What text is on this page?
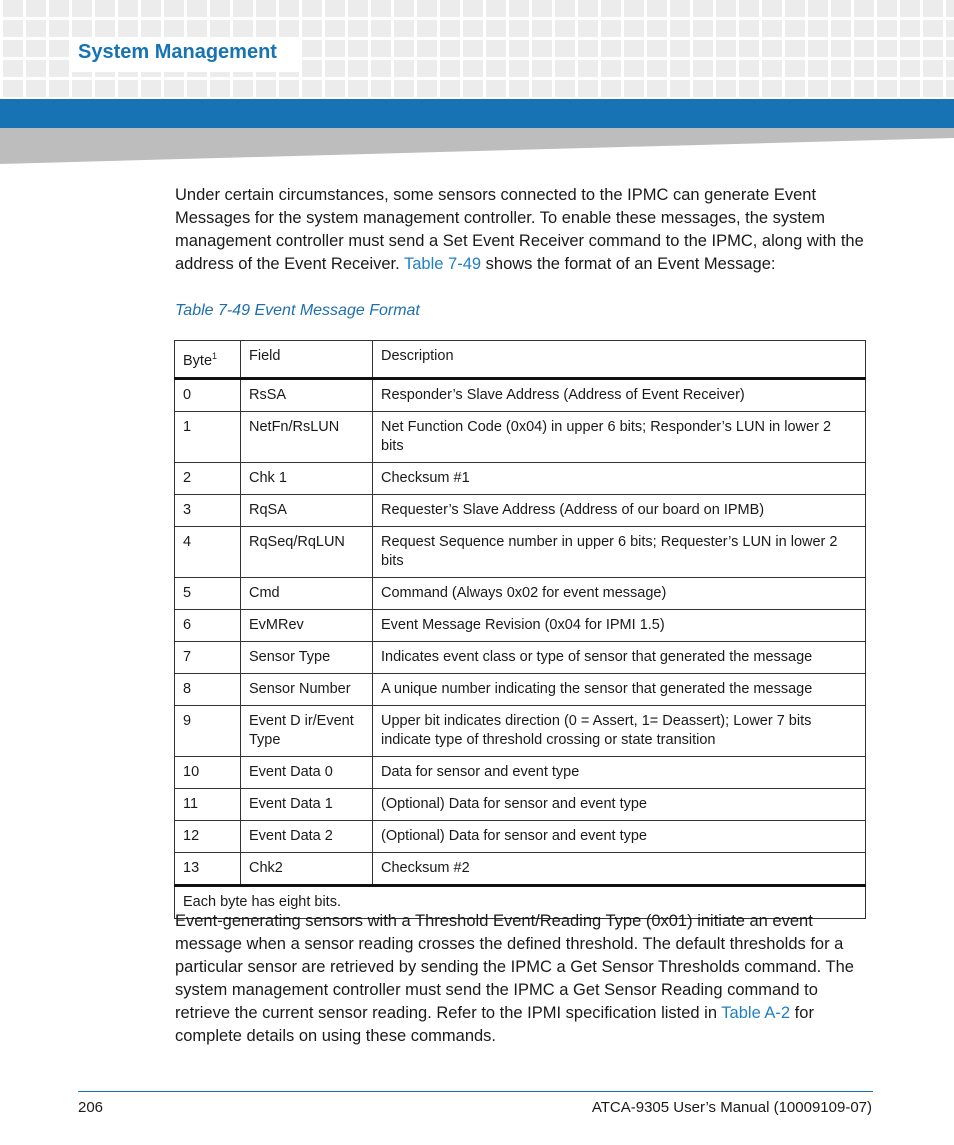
System Management
Under certain circumstances, some sensors connected to the IPMC can generate Event Messages for the system management controller. To enable these messages, the system management controller must send a Set Event Receiver command to the IPMC, along with the address of the Event Receiver. Table 7-49 shows the format of an Event Message:
Table 7-49 Event Message Format
Byte$^1$	Field	Description
0	RsSA	Responder’s Slave Address (Address of Event Receiver)
1	NetFn/RsLUN	Net Function Code (0x04) in upper 6 bits; Responder’s LUN in lower 2 bits
2	Chk 1	Checksum #1
3	RqSA	Requester’s Slave Address (Address of our board on IPMB)
4	RqSeq/RqLUN	Request Sequence number in upper 6 bits; Requester’s LUN in lower 2 bits
5	Cmd	Command (Always 0x02 for event message)
6	EvMRev	Event Message Revision (0x04 for IPMI 1.5)
7	Sensor Type	Indicates event class or type of sensor that generated the message
8	Sensor Number	A unique number indicating the sensor that generated the message
9	Event D ir/Event Type	Upper bit indicates direction (0 = Assert, 1= Deassert); Lower 7 bits indicate type of threshold crossing or state transition
10	Event Data 0	Data for sensor and event type
11	Event Data 1	(Optional) Data for sensor and event type
12	Event Data 2	(Optional) Data for sensor and event type
13	Chk2	Checksum #2
Each byte has eight bits.		
Event-generating sensors with a Threshold Event/Reading Type (0x01) initiate an event message when a sensor reading crosses the defined threshold. The default thresholds for a particular sensor are retrieved by sending the IPMC a Get Sensor Thresholds command. The system management controller must send the IPMC a Get Sensor Reading command to retrieve the current sensor reading. Refer to the IPMI specification listed in Table A-2 for complete details on using these commands.
206	ATCA-9305 User’s Manual (10009109-07)
